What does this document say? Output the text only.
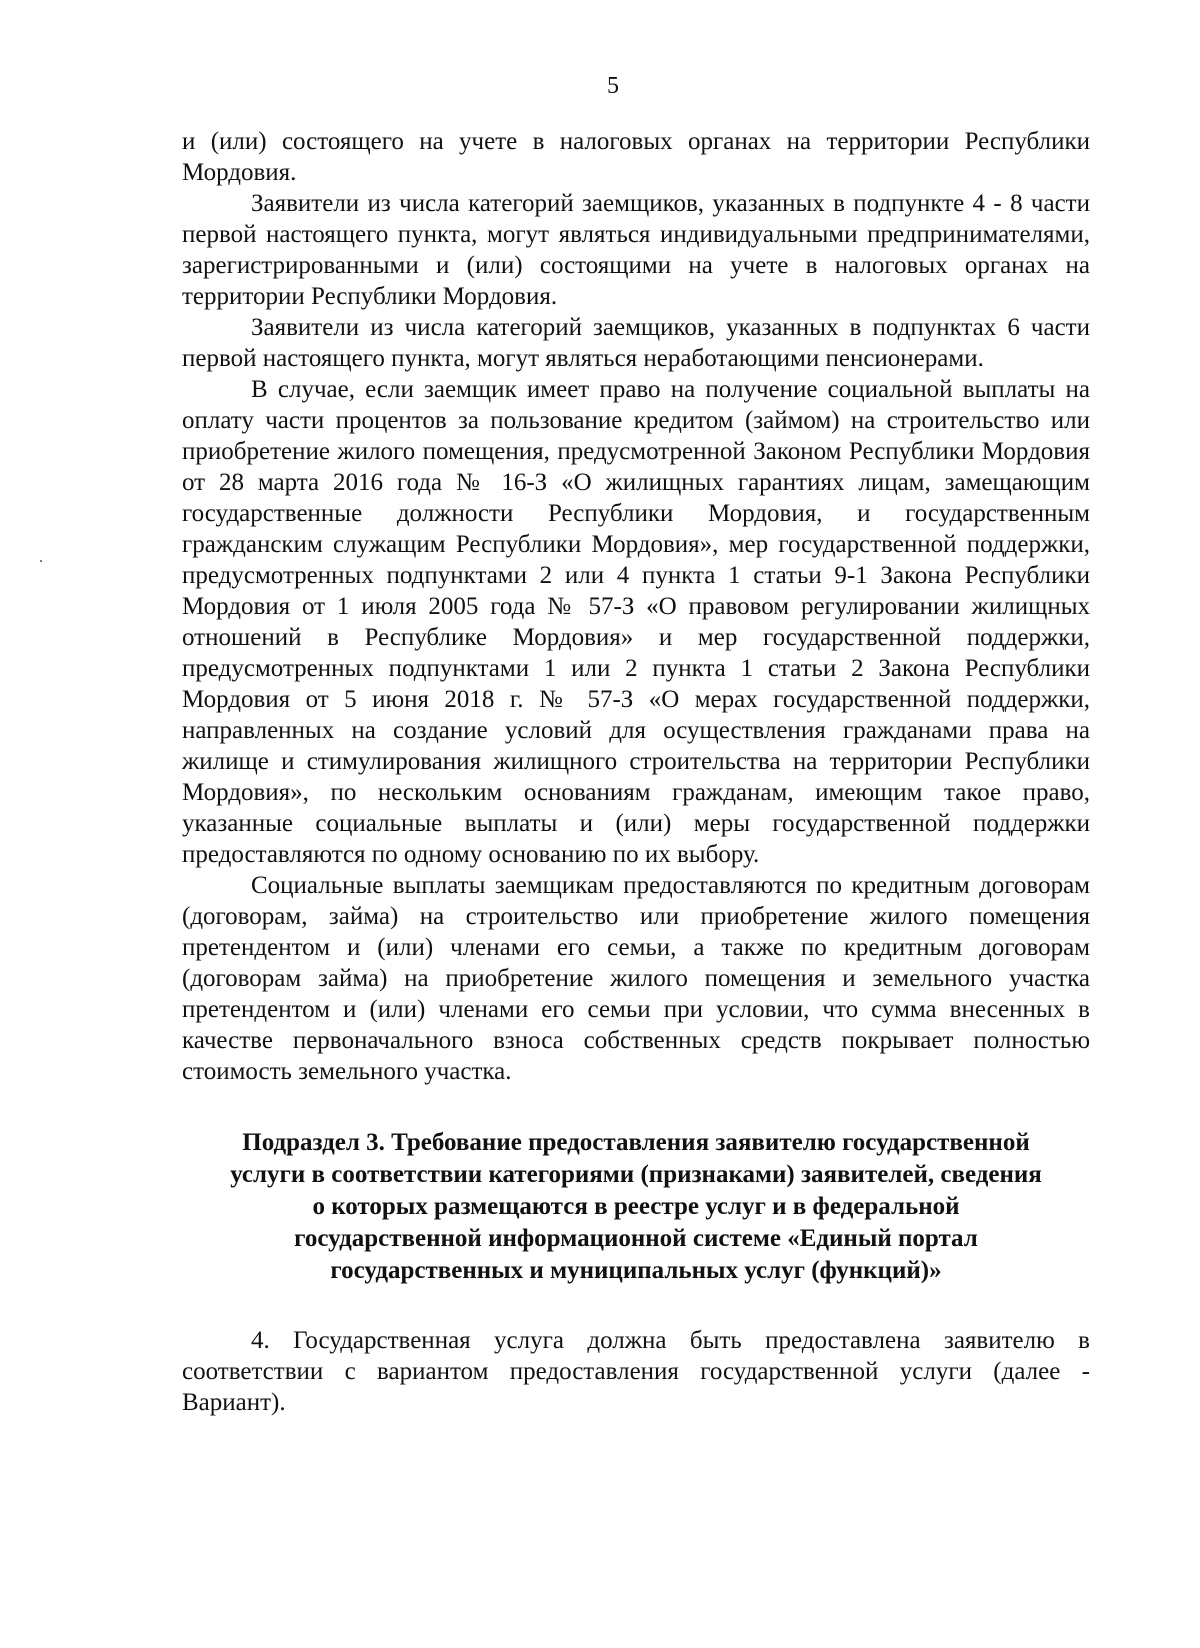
5

и (или) состоящего на учете в налоговых органах на территории Республики Мордовия.

Заявители из числа категорий заемщиков, указанных в подпункте 4 - 8 части первой настоящего пункта, могут являться индивидуальными предпринимателями, зарегистрированными и (или) состоящими на учете в налоговых органах на территории Республики Мордовия.

Заявители из числа категорий заемщиков, указанных в подпунктах 6 части первой настоящего пункта, могут являться неработающими пенсионерами.

В случае, если заемщик имеет право на получение социальной выплаты на оплату части процентов за пользование кредитом (займом) на строительство или приобретение жилого помещения, предусмотренной Законом Республики Мордовия от 28 марта 2016 года № 16-З «О жилищных гарантиях лицам, замещающим государственные должности Республики Мордовия, и государственным гражданским служащим Республики Мордовия», мер государственной поддержки, предусмотренных подпунктами 2 или 4 пункта 1 статьи 9-1 Закона Республики Мордовия от 1 июля 2005 года № 57-З «О правовом регулировании жилищных отношений в Республике Мордовия» и мер государственной поддержки, предусмотренных подпунктами 1 или 2 пункта 1 статьи 2 Закона Республики Мордовия от 5 июня 2018 г. № 57-З «О мерах государственной поддержки, направленных на создание условий для осуществления гражданами права на жилище и стимулирования жилищного строительства на территории Республики Мордовия», по нескольким основаниям гражданам, имеющим такое право, указанные социальные выплаты и (или) меры государственной поддержки предоставляются по одному основанию по их выбору.

Социальные выплаты заемщикам предоставляются по кредитным договорам (договорам, займа) на строительство или приобретение жилого помещения претендентом и (или) членами его семьи, а также по кредитным договорам (договорам займа) на приобретение жилого помещения и земельного участка претендентом и (или) членами его семьи при условии, что сумма внесенных в качестве первоначального взноса собственных средств покрывает полностью стоимость земельного участка.

Подраздел 3. Требование предоставления заявителю государственной
услуги в соответствии категориями (признаками) заявителей, сведения
о которых размещаются в реестре услуг и в федеральной
государственной информационной системе «Единый портал
государственных и муниципальных услуг (функций)»

4. Государственная услуга должна быть предоставлена заявителю в соответствии с вариантом предоставления государственной услуги (далее - Вариант).
